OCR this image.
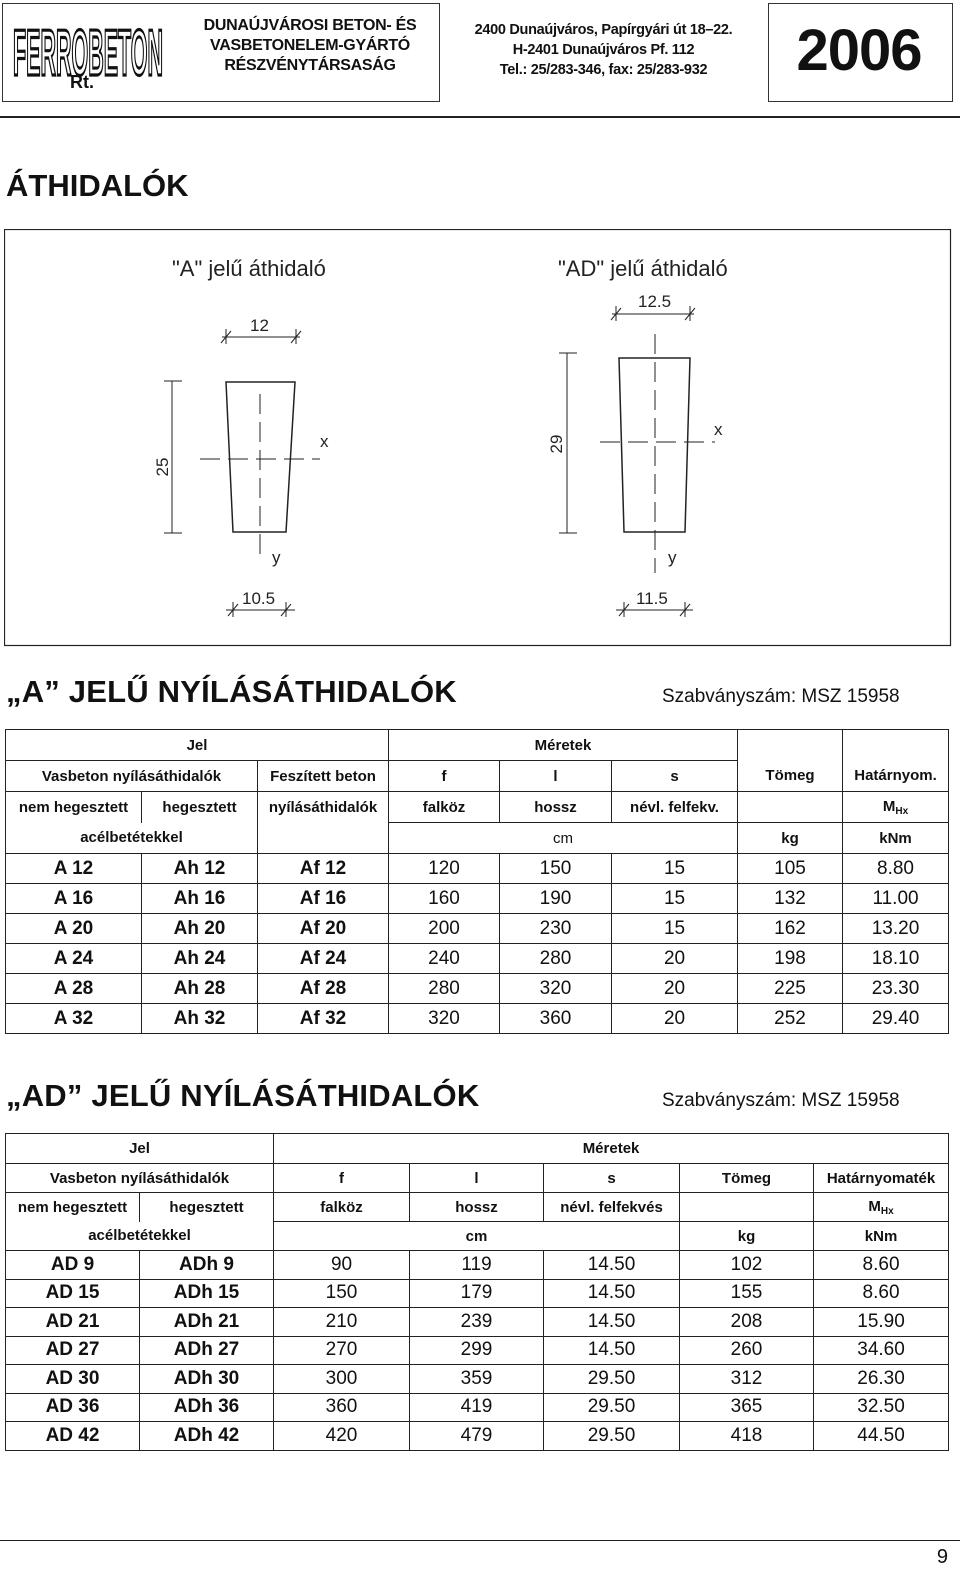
FERROBETON
Rt.
DUNAÚJVÁROSI BETON- ÉS
VASBETONELEM-GYÁRTÓ
RÉSZVÉNYTÁRSASÁG
2400 Dunaújváros, Papírgyári út 18–22.
H-2401 Dunaújváros Pf. 112
Tel.: 25/283-346, fax: 25/283-932	2006
ÁTHIDALÓK
"A" jelű áthidaló
12
25
x
y
10.5
"AD" jelű áthidaló
12.5
29
x
y
11.5
„A” JELŰ NYÍLÁSÁTHIDALÓK	Szabványszám: MSZ 15958
Jel			Méretek				
Vasbeton nyílásáthidalók		Feszített beton	f	l	s	Tömeg	Határnyom.
nem hegesztett	hegesztett	nyílásáthidalók	falköz	hossz	névl. felfekv.		$M_{Hx}$
acélbetétekkel			cm			kg	kNm
A 12	Ah 12	Af 12	120	150	15	105	8.80
A 16	Ah 16	Af 16	160	190	15	132	11.00
A 20	Ah 20	Af 20	200	230	15	162	13.20
A 24	Ah 24	Af 24	240	280	20	198	18.10
A 28	Ah 28	Af 28	280	320	20	225	23.30
A 32	Ah 32	Af 32	320	360	20	252	29.40
„AD” JELŰ NYÍLÁSÁTHIDALÓK	Szabványszám: MSZ 15958
Jel		Méretek				
Vasbeton nyílásáthidalók		f	l	s	Tömeg	Határnyomaték
nem hegesztett	hegesztett	falköz	hossz	névl. felfekvés		$M_{Hx}$
acélbetétekkel		cm			kg	kNm
AD 9	ADh 9	90	119	14.50	102	8.60
AD 15	ADh 15	150	179	14.50	155	8.60
AD 21	ADh 21	210	239	14.50	208	15.90
AD 27	ADh 27	270	299	14.50	260	34.60
AD 30	ADh 30	300	359	29.50	312	26.30
AD 36	ADh 36	360	419	29.50	365	32.50
AD 42	ADh 42	420	479	29.50	418	44.50
9
